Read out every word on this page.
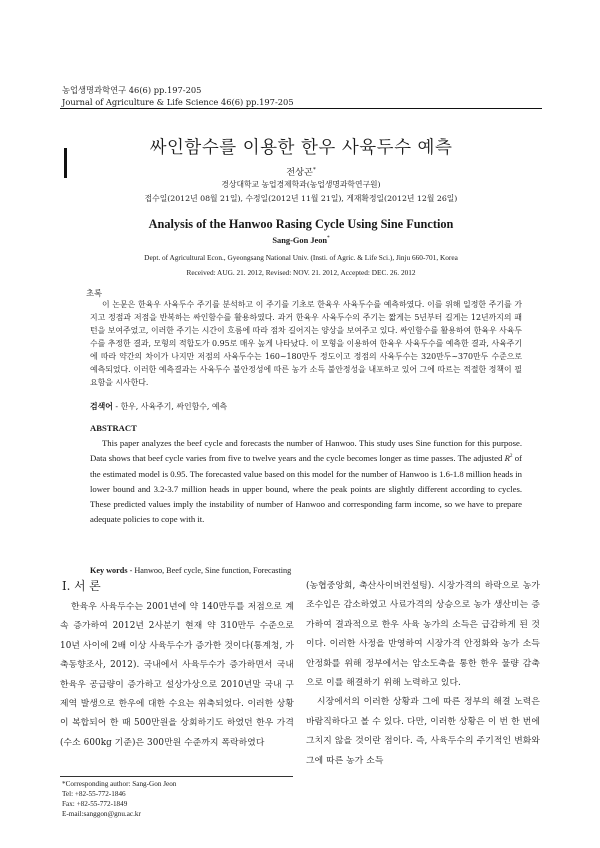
농업생명과학연구 46(6) pp.197-205
Journal of Agriculture & Life Science 46(6) pp.197-205
싸인함수를 이용한 한우 사육두수 예측
전상곤*
경상대학교 농업경제학과(농업생명과학연구원)
접수일(2012년 08월 21일), 수정일(2012년 11월 21일), 게재확정일(2012년 12월 26일)
Analysis of the Hanwoo Rasing Cycle Using Sine Function
Sang-Gon Jeon*
Dept. of Agricultural Econ., Gyeongsang National Univ. (Insti. of Agric. & Life Sci.), Jinju 660-701, Korea
Received: AUG. 21. 2012, Revised: NOV. 21. 2012, Accepted: DEC. 26. 2012
초록

이 논문은 한육우 사육두수 주기를 분석하고 이 주기를 기초로 한육우 사육두수를 예측하였다. 이를 위해 일정한 주기를 가지고 정점과 저점을 반복하는 싸인함수를 활용하였다. 과거 한육우 사육두수의 주기는 짧게는 5년부터 길게는 12년까지의 패턴을 보여주었고, 이러한 주기는 시간이 흐름에 따라 점차 길어지는 양상을 보여주고 있다. 싸인함수를 활용하여 한육우 사육두수를 추정한 결과, 모형의 적합도가 0.95로 매우 높게 나타났다. 이 모형을 이용하여 한육우 사육두수를 예측한 결과, 사육주기에 따라 약간의 차이가 나지만 저점의 사육두수는 160~180만두 정도이고 정점의 사육두수는 320만두~370만두 수준으로 예측되었다. 이러한 예측결과는 사육두수 불안정성에 따른 농가 소득 불안정성을 내포하고 있어 그에 따르는 적절한 정책이 필요함을 시사한다.

검색어 - 한우, 사육주기, 싸인함수, 예측
ABSTRACT

This paper analyzes the beef cycle and forecasts the number of Hanwoo. This study uses Sine function for this purpose. Data shows that beef cycle varies from five to twelve years and the cycle becomes longer as time passes. The adjusted $R^2$ of the estimated model is 0.95. The forecasted value based on this model for the number of Hanwoo is 1.6-1.8 million heads in lower bound and 3.2-3.7 million heads in upper bound, where the peak points are slightly different according to cycles. These predicted values imply the instability of number of Hanwoo and corresponding farm income, so we have to prepare adequate policies to cope with it.

Key words - Hanwoo, Beef cycle, Sine function, Forecasting
Ⅰ. 서 론

한육우 사육두수는 2001년에 약 140만두를 저점으로 계속 증가하여 2012년 2사분기 현재 약 310만두 수준으로 10년 사이에 2배 이상 사육두수가 증가한 것이다(통계청, 가축동향조사, 2012). 국내에서 사육두수가 증가하면서 국내 한육우 공급량이 증가하고 설상가상으로 2010년말 국내 구제역 발생으로 한우에 대한 수요는 위축되었다. 이러한 상황이 복합되어 한 때 500만원을 상회하기도 하였던 한우 가격(수소 600kg 기준)은 300만원 수준까지 폭락하였다

(농협중앙회, 축산사이버컨설팅). 시장가격의 하락으로 농가 조수입은 감소하였고 사료가격의 상승으로 농가 생산비는 증가하여 결과적으로 한우 사육 농가의 소득은 급감하게 된 것이다. 이러한 사정을 반영하여 시장가격 안정화와 농가 소득 안정화를 위해 정부에서는 암소도축을 통한 한우 물량 감축으로 이를 해결하기 위해 노력하고 있다.

시장에서의 이러한 상황과 그에 따른 정부의 해결 노력은 바람직하다고 볼 수 있다. 다만, 이러한 상황은 이 번 한 번에 그치지 않을 것이란 점이다. 즉, 사육두수의 주기적인 변화와 그에 따른 농가 소득

*Corresponding author: Sang-Gon Jeon
Tel: +82-55-772-1846
Fax: +82-55-772-1849
E-mail:sanggon@gnu.ac.kr
